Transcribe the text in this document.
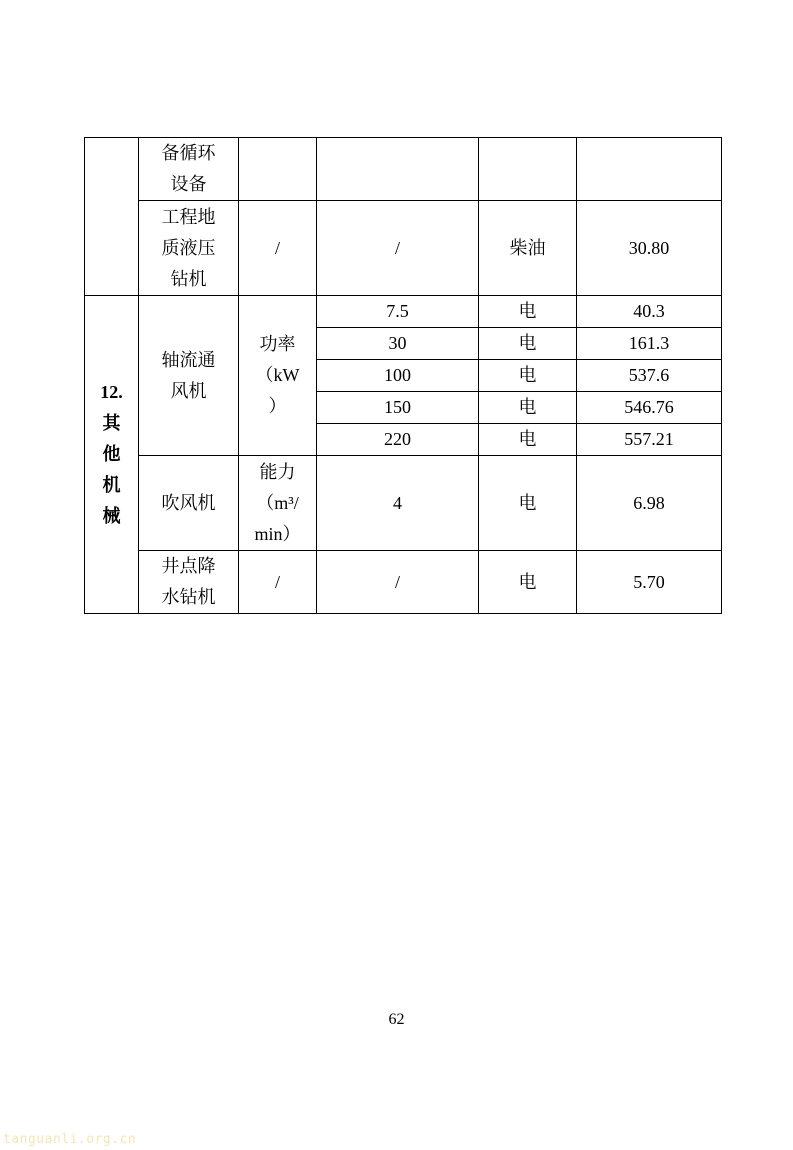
	备循环
设备				
	工程地
质液压
钻机	/	/	柴油	30.80
12.
其
他
机
械	轴流通
风机	功率
（kW
）	7.5	电	40.3
			30	电	161.3
			100	电	537.6
			150	电	546.76
			220	电	557.21
	吹风机	能力
（m³/
min）	4	电	6.98
	井点降
水钻机	/	/	电	5.70
62
tanguanli.org.cn
